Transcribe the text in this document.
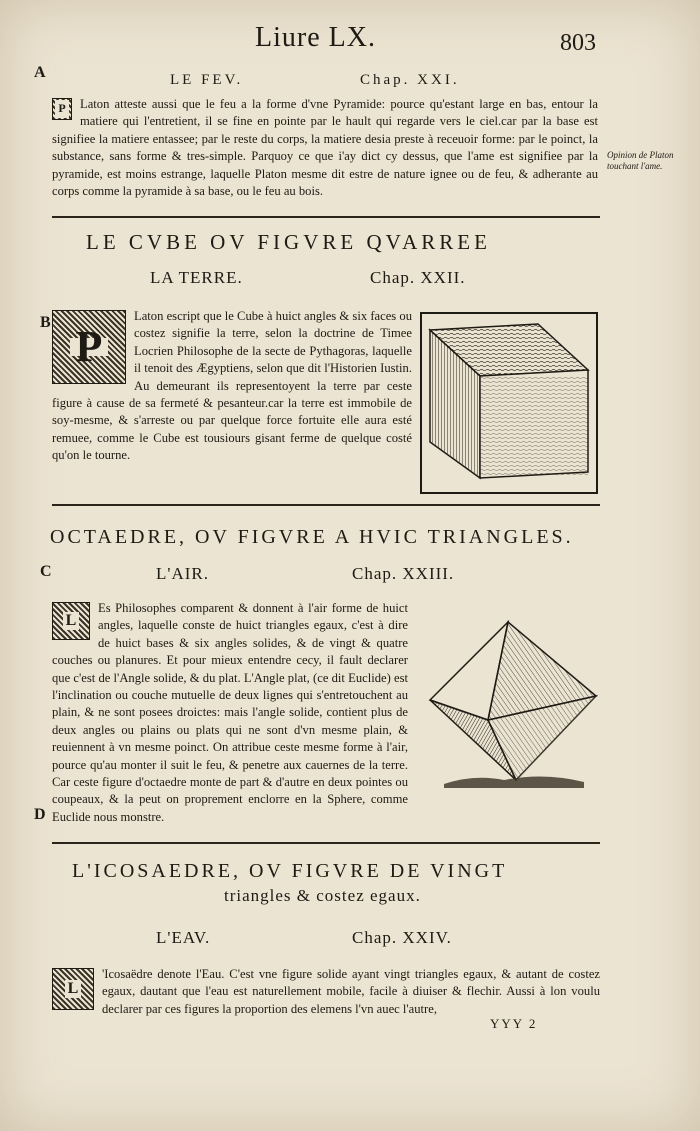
Liure LX.	803
A
B
C
D
LE FEV.	Chap. XXI.
P	Laton atteste aussi que le feu a la forme d'vne Pyramide: pource qu'estant large en bas, entour la matiere qui l'entretient, il se fine en pointe par le hault qui regarde vers le ciel.car par la base est signifiee la matiere entassee; par le reste du corps, la matiere desia preste à receuoir forme: par le poinct, la substance, sans forme & tres-simple. Parquoy ce que i'ay dict cy dessus, que l'ame est signifiee par la pyramide, est moins estrange, laquelle Platon mesme dit estre de nature ignee ou de feu, & adherante au corps comme la pyramide à sa base, ou le feu au bois.

Opinion de Platon touchant l'ame.
LE CVBE OV FIGVRE QVARREE
LA TERRE.	Chap. XXII.
P

Laton escript que le Cube à huict angles & six faces ou costez signifie la terre, selon la doctrine de Timee Locrien Philosophe de la secte de Pythagoras, laquelle il tenoit des Ægyptiens, selon que dit l'Historien Iustin. Au demeurant ils representoyent la terre par ceste figure à cause de sa fermeté & pesanteur.car la terre est immobile de soy-mesme, & s'arreste ou par quelque force fortuite elle aura esté remuee, comme le Cube est tousiours gisant ferme de quelque costé qu'on le tourne.

OCTAEDRE, OV FIGVRE A HVIC TRIANGLES.
L'AIR.	Chap. XXIII.
L

Es Philosophes comparent & donnent à l'air forme de huict angles, laquelle conste de huict triangles egaux, c'est à dire de huict bases & six angles solides, & de vingt & quatre couches ou planures. Et pour mieux entendre cecy, il fault declarer que c'est de l'Angle solide, & du plat. L'Angle plat, (ce dit Euclide) est l'inclination ou couche mutuelle de deux lignes qui s'entretouchent au plain, & ne sont posees droictes: mais l'angle solide, contient plus de deux angles ou plains ou plats qui ne sont d'vn mesme plain, & reuiennent à vn mesme poinct. On attribue ceste mesme forme à l'air, pource qu'au monter il suit le feu, & penetre aux cauernes de la terre. Car ceste figure d'octaedre monte de part & d'autre en deux pointes ou coupeaux, & la peut on proprement enclorre en la Sphere, comme Euclide nous monstre.

L'ICOSAEDRE, OV FIGVRE DE VINGT
triangles & costez egaux.
L'EAV.	Chap. XXIV.
L

'Icosaëdre denote l'Eau. C'est vne figure solide ayant vingt triangles egaux, & autant de costez egaux, dautant que l'eau est naturellement mobile, facile à diuiser & flechir. Aussi à lon voulu declarer par ces figures la proportion des elemens l'vn auec l'autre,

YYY 2
